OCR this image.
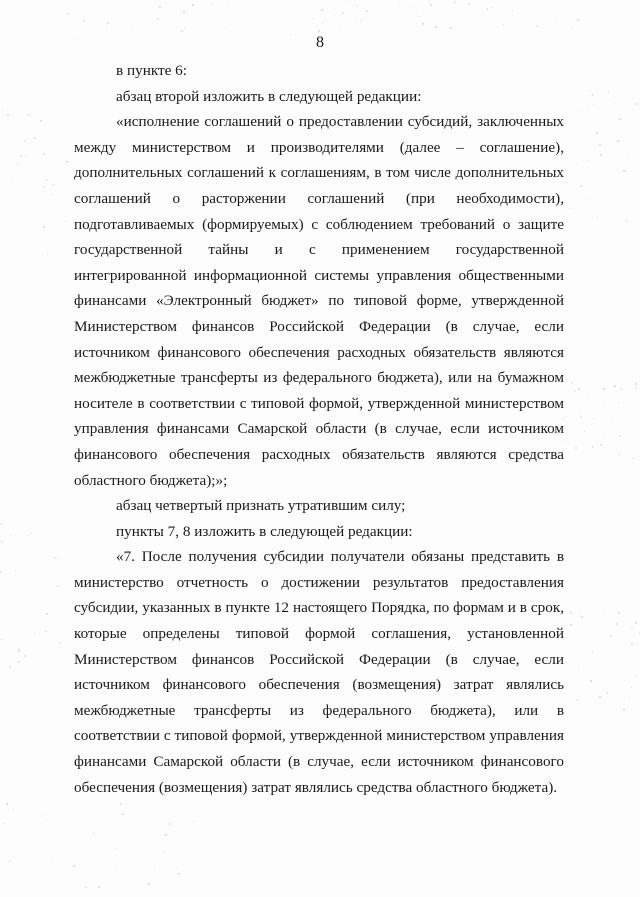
8
в пункте 6:
абзац второй изложить в следующей редакции:
«исполнение соглашений о предоставлении субсидий, заключенных
между министерством и производителями (далее – соглашение),
дополнительных соглашений к соглашениям, в том числе дополнительных
соглашений о расторжении соглашений (при необходимости),
подготавливаемых (формируемых) с соблюдением требований о защите
государственной тайны и с применением государственной
интегрированной информационной системы управления общественными
финансами «Электронный бюджет» по типовой форме, утвержденной
Министерством финансов Российской Федерации (в случае, если
источником финансового обеспечения расходных обязательств являются
межбюджетные трансферты из федерального бюджета), или на бумажном
носителе в соответствии с типовой формой, утвержденной министерством
управления финансами Самарской области (в случае, если источником
финансового обеспечения расходных обязательств являются средства
областного бюджета);»;
абзац четвертый признать утратившим силу;
пункты 7, 8 изложить в следующей редакции:
«7. После получения субсидии получатели обязаны представить в
министерство отчетность о достижении результатов предоставления
субсидии, указанных в пункте 12 настоящего Порядка, по формам и в срок,
которые определены типовой формой соглашения, установленной
Министерством финансов Российской Федерации (в случае, если
источником финансового обеспечения (возмещения) затрат являлись
межбюджетные трансферты из федерального бюджета), или в
соответствии с типовой формой, утвержденной министерством управления
финансами Самарской области (в случае, если источником финансового
обеспечения (возмещения) затрат являлись средства областного бюджета).
